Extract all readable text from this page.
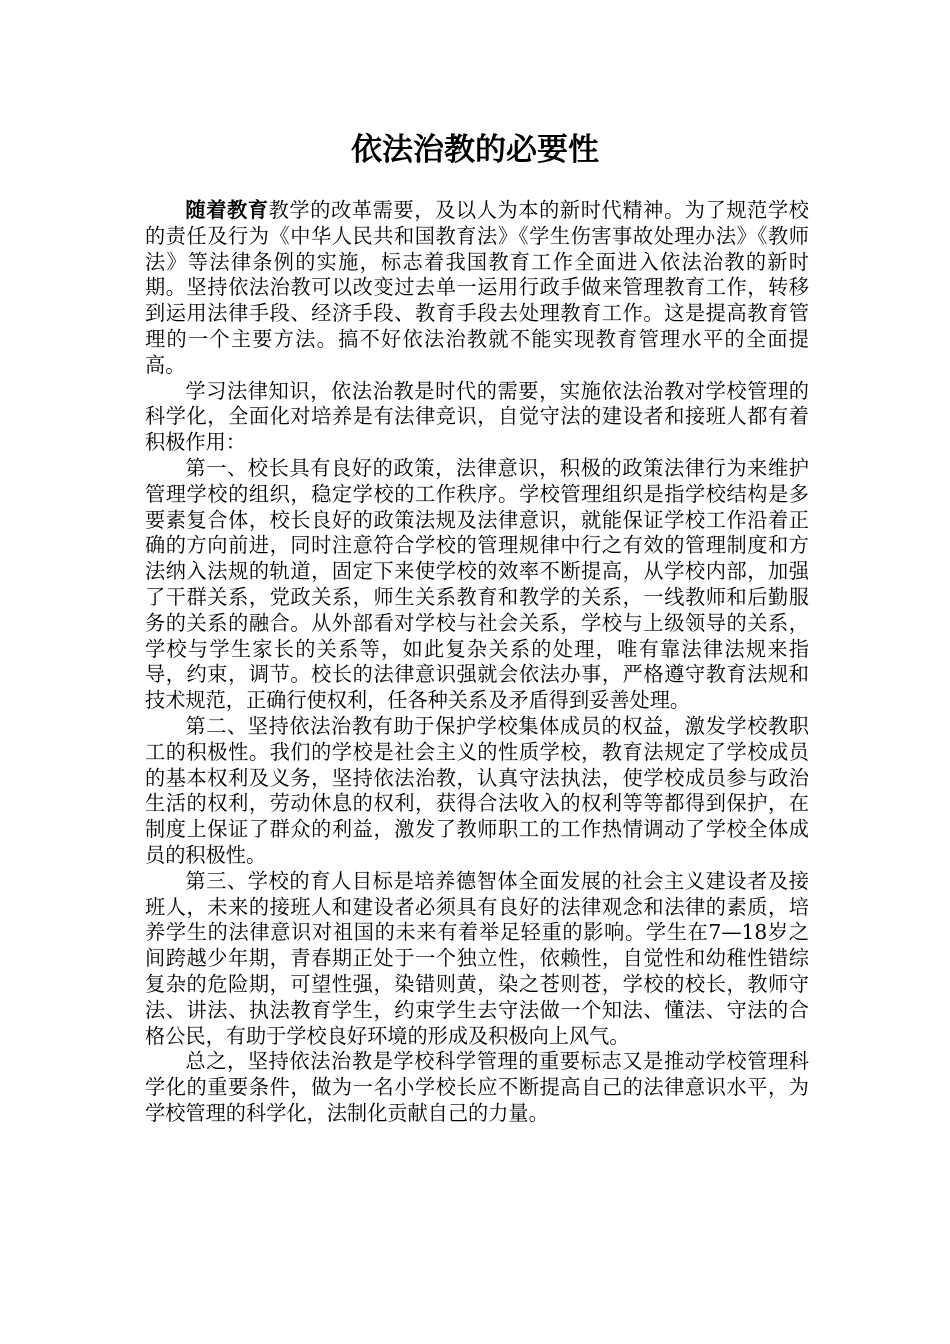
依法治教的必要性

随着教育教学的改革需要，及以人为本的新时代精神。为了规范学校的责任及行为《中华人民共和国教育法》《学生伤害事故处理办法》《教师法》等法律条例的实施，标志着我国教育工作全面进入依法治教的新时期。坚持依法治教可以改变过去单一运用行政手做来管理教育工作，转移到运用法律手段、经济手段、教育手段去处理教育工作。这是提高教育管理的一个主要方法。搞不好依法治教就不能实现教育管理水平的全面提高。

学习法律知识，依法治教是时代的需要，实施依法治教对学校管理的科学化，全面化对培养是有法律竞识，自觉守法的建设者和接班人都有着积极作用：

第一、校长具有良好的政策，法律意识，积极的政策法律行为来维护管理学校的组织，稳定学校的工作秩序。学校管理组织是指学校结构是多要素复合体，校长良好的政策法规及法律意识，就能保证学校工作沿着正确的方向前进，同时注意符合学校的管理规律中行之有效的管理制度和方法纳入法规的轨道，固定下来使学校的效率不断提高，从学校内部，加强了干群关系，党政关系，师生关系教育和教学的关系，一线教师和后勤服务的关系的融合。从外部看对学校与社会关系，学校与上级领导的关系，学校与学生家长的关系等，如此复杂关系的处理，唯有靠法律法规来指导，约束，调节。校长的法律意识强就会依法办事，严格遵守教育法规和技术规范，正确行使权利，任各种关系及矛盾得到妥善处理。

第二、坚持依法治教有助于保护学校集体成员的权益，激发学校教职工的积极性。我们的学校是社会主义的性质学校，教育法规定了学校成员的基本权利及义务，坚持依法治教，认真守法执法，使学校成员参与政治生活的权利，劳动休息的权利，获得合法收入的权利等等都得到保护，在制度上保证了群众的利益，激发了教师职工的工作热情调动了学校全体成员的积极性。

第三、学校的育人目标是培养德智体全面发展的社会主义建设者及接班人，未来的接班人和建设者必须具有良好的法律观念和法律的素质，培养学生的法律意识对祖国的未来有着举足轻重的影响。学生在7—18岁之间跨越少年期，青春期正处于一个独立性，依赖性，自觉性和幼稚性错综复杂的危险期，可望性强，染错则黄，染之苍则苍，学校的校长，教师守法、讲法、执法教育学生，约束学生去守法做一个知法、懂法、守法的合格公民，有助于学校良好环境的形成及积极向上风气。

总之，坚持依法治教是学校科学管理的重要标志又是推动学校管理科学化的重要条件，做为一名小学校长应不断提高自己的法律意识水平，为学校管理的科学化，法制化贡献自己的力量。
